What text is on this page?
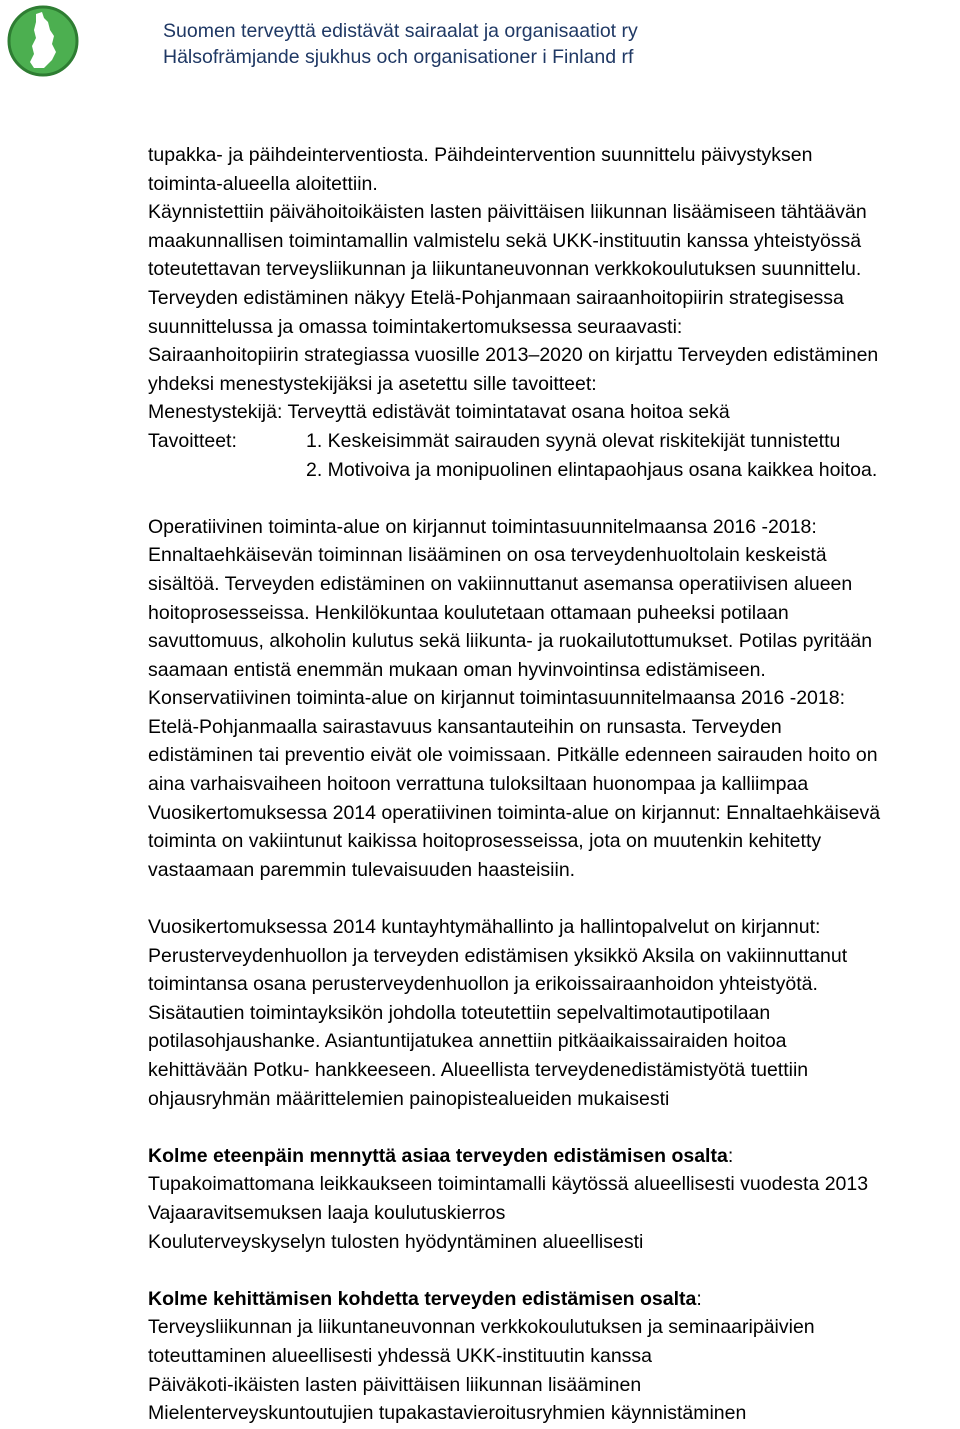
Suomen terveyttä edistävät sairaalat ja organisaatiot ry
Hälsofrämjande sjukhus och organisationer i Finland rf
tupakka- ja päihdeinterventiosta. Päihdeintervention suunnittelu päivystyksen
toiminta-alueella aloitettiin.
Käynnistettiin päivähoitoikäisten lasten päivittäisen liikunnan lisäämiseen tähtäävän
maakunnallisen toimintamallin valmistelu sekä UKK-instituutin kanssa yhteistyössä
toteutettavan terveysliikunnan ja liikuntaneuvonnan verkkokoulutuksen suunnittelu.
Terveyden edistäminen näkyy Etelä-Pohjanmaan sairaanhoitopiirin strategisessa
suunnittelussa ja omassa toimintakertomuksessa seuraavasti:
Sairaanhoitopiirin strategiassa vuosille 2013–2020 on kirjattu Terveyden edistäminen
yhdeksi menestystekijäksi ja asetettu sille tavoitteet:
Menestystekijä: Terveyttä edistävät toimintatavat osana hoitoa sekä
Tavoitteet:	1. Keskeisimmät sairauden syynä olevat riskitekijät tunnistettu
2. Motivoiva ja monipuolinen elintapaohjaus osana kaikkea hoitoa.
Operatiivinen toiminta-alue on kirjannut toimintasuunnitelmaansa 2016 -2018:
Ennaltaehkäisevän toiminnan lisääminen on osa terveydenhuoltolain keskeistä
sisältöä. Terveyden edistäminen on vakiinnuttanut asemansa operatiivisen alueen
hoitoprosesseissa. Henkilökuntaa koulutetaan ottamaan puheeksi potilaan
savuttomuus, alkoholin kulutus sekä liikunta- ja ruokailutottumukset. Potilas pyritään
saamaan entistä enemmän mukaan oman hyvinvointinsa edistämiseen.
Konservatiivinen toiminta-alue on kirjannut toimintasuunnitelmaansa 2016 -2018:
Etelä-Pohjanmaalla sairastavuus kansantauteihin on runsasta. Terveyden
edistäminen tai preventio eivät ole voimissaan. Pitkälle edenneen sairauden hoito on
aina varhaisvaiheen hoitoon verrattuna tuloksiltaan huonompaa ja kalliimpaa
Vuosikertomuksessa 2014 operatiivinen toiminta-alue on kirjannut: Ennaltaehkäisevä
toiminta on vakiintunut kaikissa hoitoprosesseissa, jota on muutenkin kehitetty
vastaamaan paremmin tulevaisuuden haasteisiin.
Vuosikertomuksessa 2014 kuntayhtymähallinto ja hallintopalvelut on kirjannut:
Perusterveydenhuollon ja terveyden edistämisen yksikkö Aksila on vakiinnuttanut
toimintansa osana perusterveydenhuollon ja erikoissairaanhoidon yhteistyötä.
Sisätautien toimintayksikön johdolla toteutettiin sepelvaltimotautipotilaan
potilasohjaushanke. Asiantuntijatukea annettiin pitkäaikaissairaiden hoitoa
kehittävään Potku- hankkeeseen. Alueellista terveydenedistämistyötä tuettiin
ohjausryhmän määrittelemien painopistealueiden mukaisesti
Kolme eteenpäin mennyttä asiaa terveyden edistämisen osalta:
Tupakoimattomana leikkaukseen toimintamalli käytössä alueellisesti vuodesta 2013
Vajaaravitsemuksen laaja koulutuskierros
Kouluterveyskyselyn tulosten hyödyntäminen alueellisesti
Kolme kehittämisen kohdetta terveyden edistämisen osalta:
Terveysliikunnan ja liikuntaneuvonnan verkkokoulutuksen ja seminaaripäivien
toteuttaminen alueellisesti yhdessä UKK-instituutin kanssa
Päiväkoti-ikäisten lasten päivittäisen liikunnan lisääminen
Mielenterveyskuntoutujien tupakastavieroitusryhmien käynnistäminen
